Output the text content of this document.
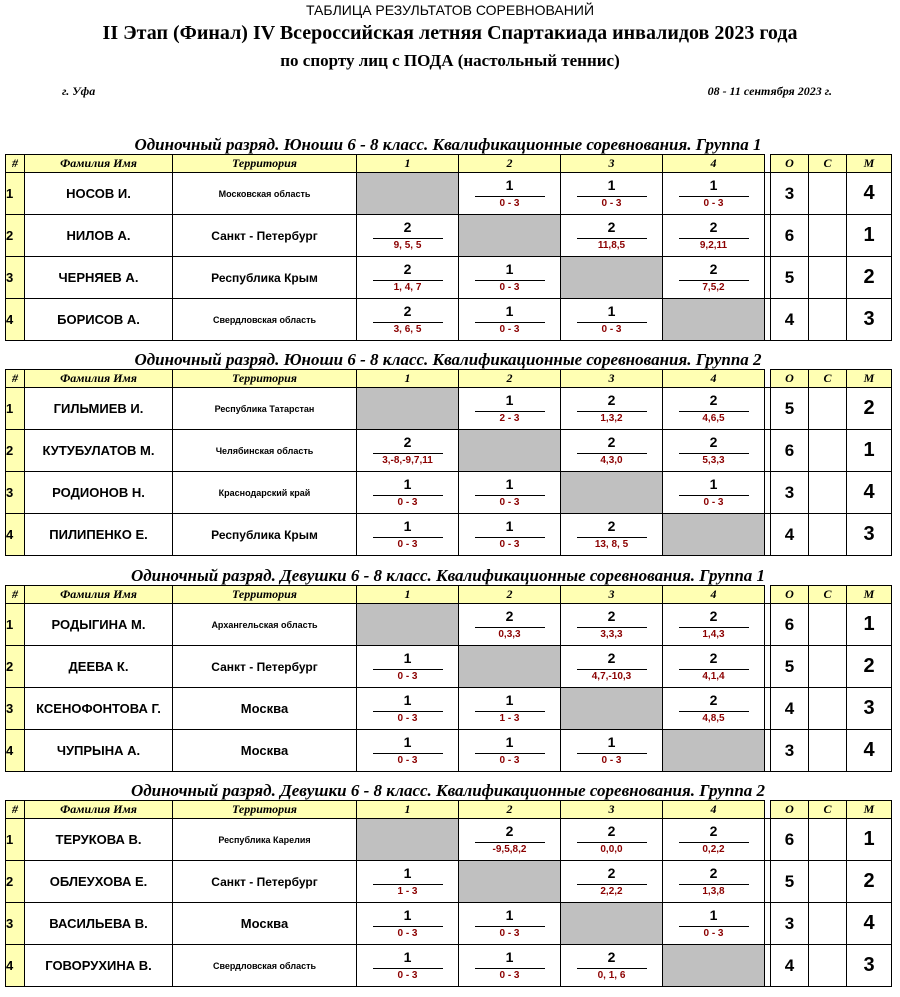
ТАБЛИЦА РЕЗУЛЬТАТОВ СОРЕВНОВАНИЙ
II Этап (Финал) IV Всероссийская летняя Спартакиада инвалидов 2023 года
по спорту лиц с ПОДА (настольный теннис)
г. Уфа	08 - 11 сентября 2023 г.
Одиночный разряд. Юноши 6 - 8 класс. Квалификационные соревнования. Группа 1
#	Фамилия Имя	Территория	1	2	3	4		О	С	М
1	НОСОВ И.	Московская область		$\frac{1}{0 - 3}$	$\frac{1}{0 - 3}$	$\frac{1}{0 - 3}$		3		4
2	НИЛОВ А.	Санкт - Петербург	$\frac{2}{9, 5, 5}$		$\frac{2}{11,8,5}$	$\frac{2}{9,2,11}$		6		1
3	ЧЕРНЯЕВ А.	Республика Крым	$\frac{2}{1, 4, 7}$	$\frac{1}{0 - 3}$		$\frac{2}{7,5,2}$		5		2
4	БОРИСОВ А.	Свердловская область	$\frac{2}{3, 6, 5}$	$\frac{1}{0 - 3}$	$\frac{1}{0 - 3}$			4		3
Одиночный разряд. Юноши 6 - 8 класс. Квалификационные соревнования. Группа 2
#	Фамилия Имя	Территория	1	2	3	4		О	С	М
1	ГИЛЬМИЕВ И.	Республика Татарстан		$\frac{1}{2 - 3}$	$\frac{2}{1,3,2}$	$\frac{2}{4,6,5}$		5		2
2	КУТУБУЛАТОВ М.	Челябинская область	$\frac{2}{3,-8,-9,7,11}$		$\frac{2}{4,3,0}$	$\frac{2}{5,3,3}$		6		1
3	РОДИОНОВ Н.	Краснодарский край	$\frac{1}{0 - 3}$	$\frac{1}{0 - 3}$		$\frac{1}{0 - 3}$		3		4
4	ПИЛИПЕНКО Е.	Республика Крым	$\frac{1}{0 - 3}$	$\frac{1}{0 - 3}$	$\frac{2}{13, 8, 5}$			4		3
Одиночный разряд. Девушки 6 - 8 класс. Квалификационные соревнования. Группа 1
#	Фамилия Имя	Территория	1	2	3	4		О	С	М
1	РОДЫГИНА М.	Архангельская область		$\frac{2}{0,3,3}$	$\frac{2}{3,3,3}$	$\frac{2}{1,4,3}$		6		1
2	ДЕЕВА К.	Санкт - Петербург	$\frac{1}{0 - 3}$		$\frac{2}{4,7,-10,3}$	$\frac{2}{4,1,4}$		5		2
3	КСЕНОФОНТОВА Г.	Москва	$\frac{1}{0 - 3}$	$\frac{1}{1 - 3}$		$\frac{2}{4,8,5}$		4		3
4	ЧУПРЫНА А.	Москва	$\frac{1}{0 - 3}$	$\frac{1}{0 - 3}$	$\frac{1}{0 - 3}$			3		4
Одиночный разряд. Девушки 6 - 8 класс. Квалификационные соревнования. Группа 2
#	Фамилия Имя	Территория	1	2	3	4		О	С	М
1	ТЕРУКОВА В.	Республика Карелия		$\frac{2}{-9,5,8,2}$	$\frac{2}{0,0,0}$	$\frac{2}{0,2,2}$		6		1
2	ОБЛЕУХОВА Е.	Санкт - Петербург	$\frac{1}{1 - 3}$		$\frac{2}{2,2,2}$	$\frac{2}{1,3,8}$		5		2
3	ВАСИЛЬЕВА В.	Москва	$\frac{1}{0 - 3}$	$\frac{1}{0 - 3}$		$\frac{1}{0 - 3}$		3		4
4	ГОВОРУХИНА В.	Свердловская область	$\frac{1}{0 - 3}$	$\frac{1}{0 - 3}$	$\frac{2}{0, 1, 6}$			4		3
